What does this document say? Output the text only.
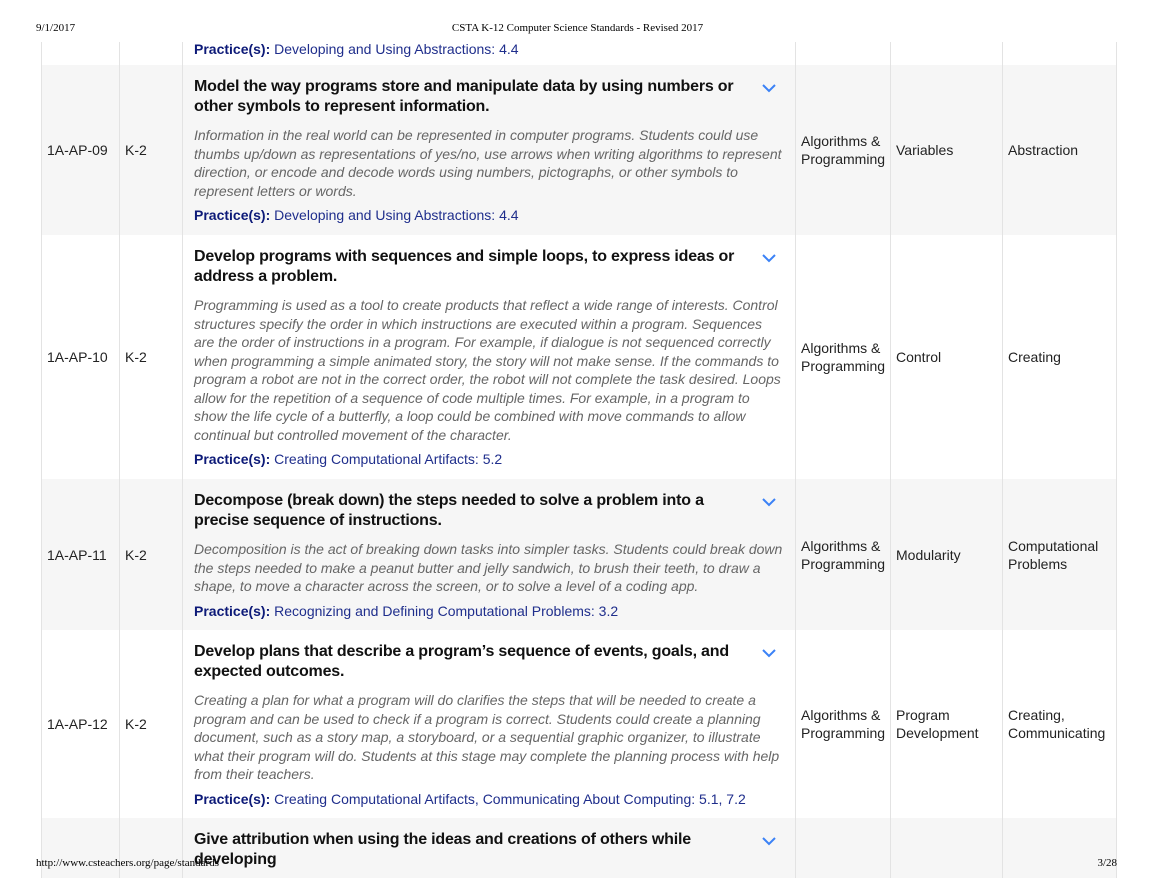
9/1/2017	CSTA K-12 Computer Science Standards - Revised 2017

		Practice(s): Developing and Using Abstractions: 4.4			

1A-AP-09	K-2	Model the way programs store and manipulate data by using numbers or other symbols to represent information.
Information in the real world can be represented in computer programs. Students could use thumbs up/down as representations of yes/no, use arrows when writing algorithms to represent direction, or encode and decode words using numbers, pictographs, or other symbols to represent letters or words.
Practice(s): Developing and Using Abstractions: 4.4	Algorithms & Programming	Variables	Abstraction
1A-AP-10	K-2	Develop programs with sequences and simple loops, to express ideas or address a problem.
Programming is used as a tool to create products that reflect a wide range of interests. Control structures specify the order in which instructions are executed within a program. Sequences are the order of instructions in a program. For example, if dialogue is not sequenced correctly when programming a simple animated story, the story will not make sense. If the commands to program a robot are not in the correct order, the robot will not complete the task desired. Loops allow for the repetition of a sequence of code multiple times. For example, in a program to show the life cycle of a butterfly, a loop could be combined with move commands to allow continual but controlled movement of the character.
Practice(s): Creating Computational Artifacts: 5.2	Algorithms & Programming	Control	Creating
1A-AP-11	K-2	Decompose (break down) the steps needed to solve a problem into a precise sequence of instructions.
Decomposition is the act of breaking down tasks into simpler tasks. Students could break down the steps needed to make a peanut butter and jelly sandwich, to brush their teeth, to draw a shape, to move a character across the screen, or to solve a level of a coding app.
Practice(s): Recognizing and Defining Computational Problems: 3.2	Algorithms & Programming	Modularity	Computational Problems
1A-AP-12	K-2	Develop plans that describe a program’s sequence of events, goals, and expected outcomes.
Creating a plan for what a program will do clarifies the steps that will be needed to create a program and can be used to check if a program is correct. Students could create a planning document, such as a story map, a storyboard, or a sequential graphic organizer, to illustrate what their program will do. Students at this stage may complete the planning process with help from their teachers.
Practice(s): Creating Computational Artifacts, Communicating About Computing: 5.1, 7.2	Algorithms & Programming	Program Development	Creating, Communicating

		Give attribution when using the ideas and creations of others while developing			

http://www.csteachers.org/page/standards	3/28
